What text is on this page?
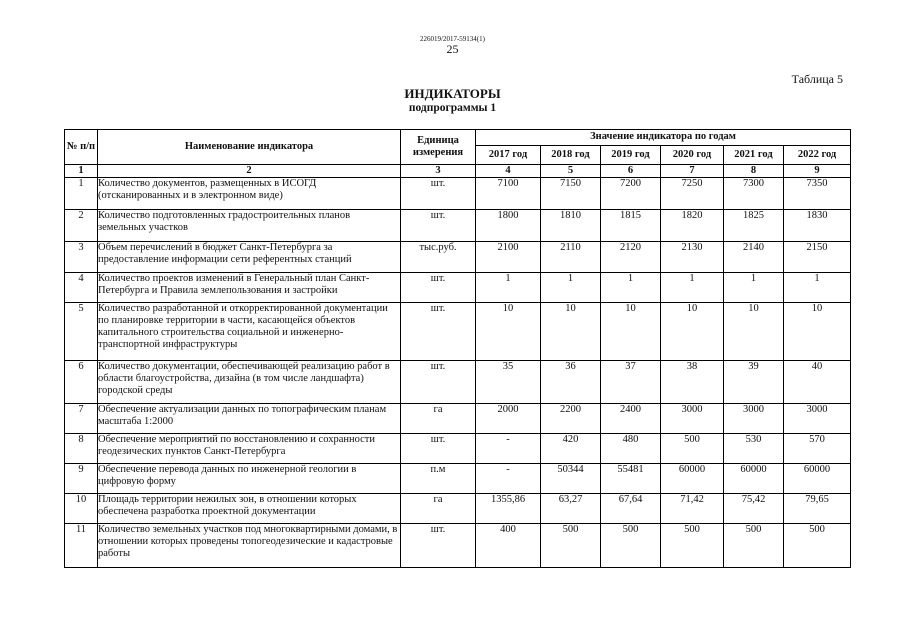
226019/2017-59134(1)
25
Таблица 5
ИНДИКАТОРЫ
подпрограммы 1
№ п/п	Наименование индикатора	Единица измерения	Значение индикатора по годам					
			2017 год	2018 год	2019 год	2020 год	2021 год	2022 год
1	2	3	4	5	6	7	8	9
1	Количество документов, размещенных в ИСОГД (отсканированных и в электронном виде)	шт.	7100	7150	7200	7250	7300	7350
2	Количество подготовленных градостроительных планов земельных участков	шт.	1800	1810	1815	1820	1825	1830
3	Объем перечислений в бюджет Санкт-Петербурга за предоставление информации сети референтных станций	тыс.руб.	2100	2110	2120	2130	2140	2150
4	Количество проектов изменений в Генеральный план Санкт-Петербурга и Правила землепользования и застройки	шт.	1	1	1	1	1	1
5	Количество разработанной и откорректированной документации по планировке территории в части, касающейся объектов капитального строительства социальной и инженерно-транспортной инфраструктуры	шт.	10	10	10	10	10	10
6	Количество документации, обеспечивающей реализацию работ в области благоустройства, дизайна (в том числе ландшафта) городской среды	шт.	35	36	37	38	39	40
7	Обеспечение актуализации данных по топографическим планам масштаба 1:2000	га	2000	2200	2400	3000	3000	3000
8	Обеспечение мероприятий по восстановлению и сохранности геодезических пунктов Санкт-Петербурга	шт.	-	420	480	500	530	570
9	Обеспечение перевода данных по инженерной геологии в цифровую форму	п.м	-	50344	55481	60000	60000	60000
10	Площадь территории нежилых зон, в отношении которых обеспечена разработка проектной документации	га	1355,86	63,27	67,64	71,42	75,42	79,65
11	Количество земельных участков под многоквартирными домами, в отношении которых проведены топогеодезические и кадастровые работы	шт.	400	500	500	500	500	500
